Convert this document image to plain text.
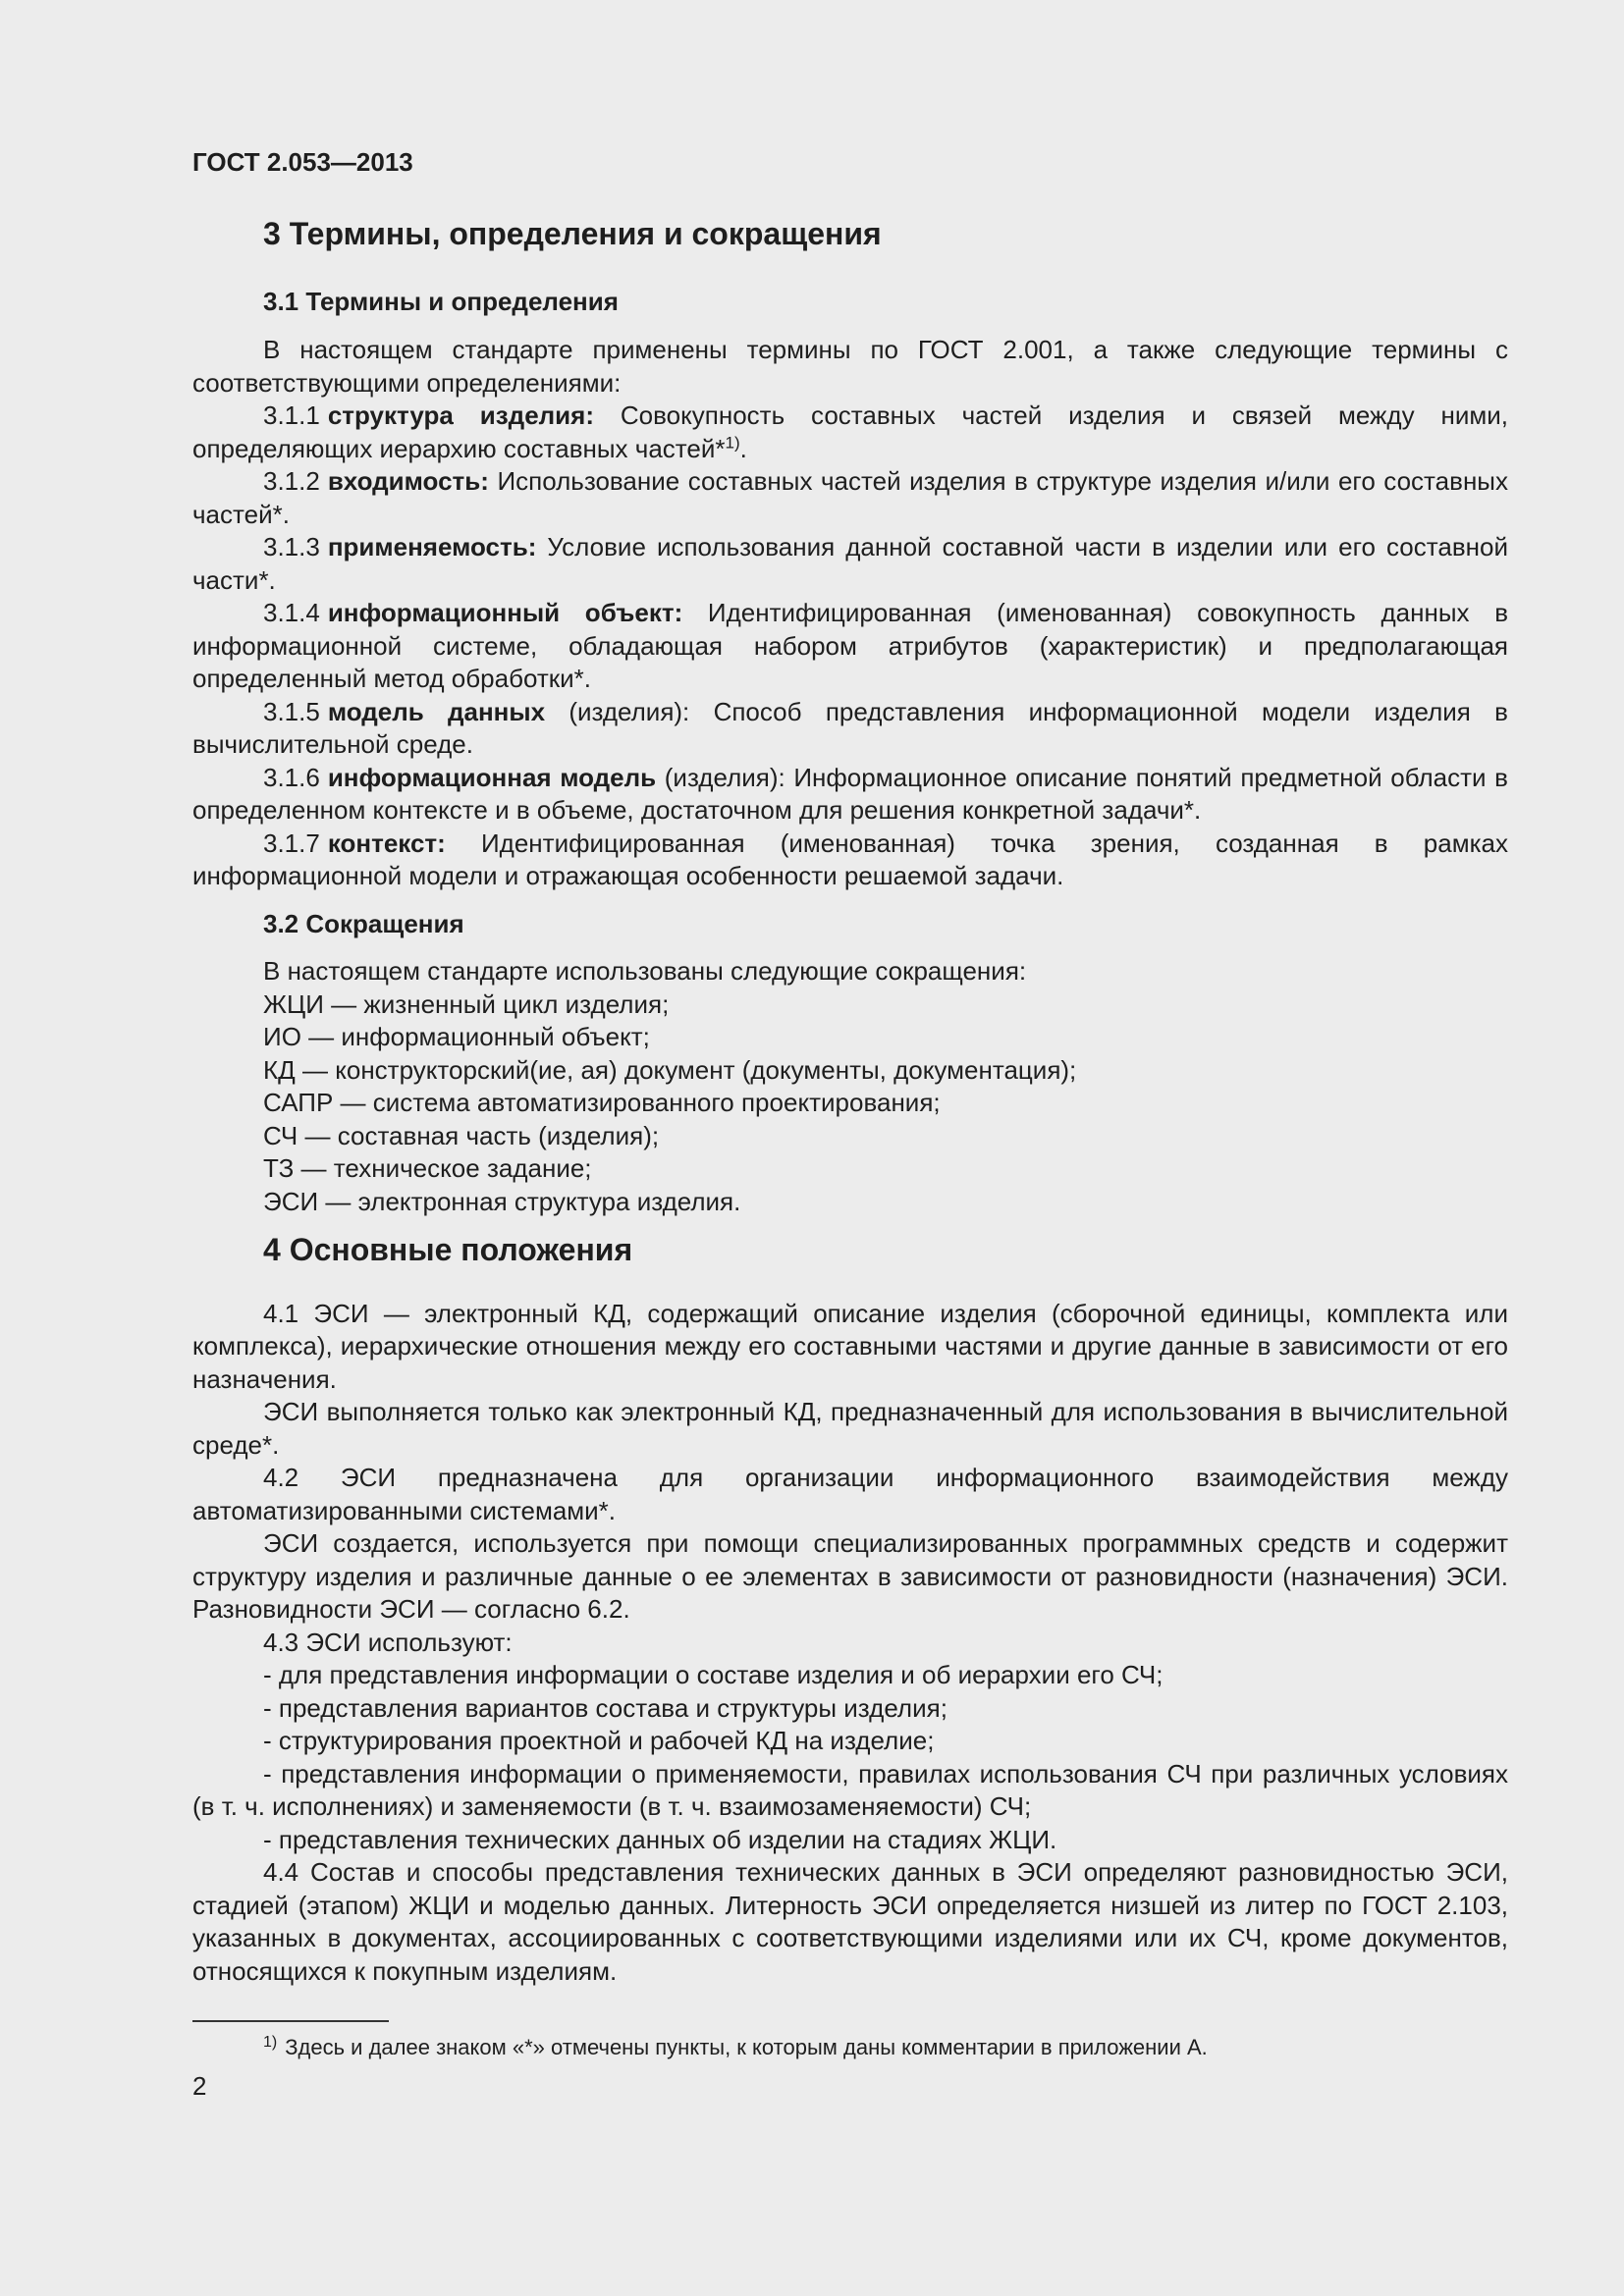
ГОСТ 2.053—2013
3 Термины, определения и сокращения
3.1 Термины и определения
В настоящем стандарте применены термины по ГОСТ 2.001, а также следующие термины с соответствующими определениями:
3.1.1 структура изделия: Совокупность составных частей изделия и связей между ними, определяющих иерархию составных частей*$^{1)}$.
3.1.2 входимость: Использование составных частей изделия в структуре изделия и/или его составных частей*.
3.1.3 применяемость: Условие использования данной составной части в изделии или его составной части*.
3.1.4 информационный объект: Идентифицированная (именованная) совокупность данных в информационной системе, обладающая набором атрибутов (характеристик) и предполагающая определенный метод обработки*.
3.1.5 модель данных (изделия): Способ представления информационной модели изделия в вычислительной среде.
3.1.6 информационная модель (изделия): Информационное описание понятий предметной области в определенном контексте и в объеме, достаточном для решения конкретной задачи*.
3.1.7 контекст: Идентифицированная (именованная) точка зрения, созданная в рамках информационной модели и отражающая особенности решаемой задачи.
3.2 Сокращения
В настоящем стандарте использованы следующие сокращения:
ЖЦИ — жизненный цикл изделия;
ИО — информационный объект;
КД — конструкторский(ие, ая) документ (документы, документация);
САПР — система автоматизированного проектирования;
СЧ — составная часть (изделия);
ТЗ — техническое задание;
ЭСИ — электронная структура изделия.
4 Основные положения
4.1 ЭСИ — электронный КД, содержащий описание изделия (сборочной единицы, комплекта или комплекса), иерархические отношения между его составными частями и другие данные в зависимости от его назначения.
ЭСИ выполняется только как электронный КД, предназначенный для использования в вычислительной среде*.
4.2 ЭСИ предназначена для организации информационного взаимодействия между автоматизированными системами*.
ЭСИ создается, используется при помощи специализированных программных средств и содержит структуру изделия и различные данные о ее элементах в зависимости от разновидности (назначения) ЭСИ. Разновидности ЭСИ — согласно 6.2.
4.3 ЭСИ используют:
- для представления информации о составе изделия и об иерархии его СЧ;
- представления вариантов состава и структуры изделия;
- структурирования проектной и рабочей КД на изделие;
- представления информации о применяемости, правилах использования СЧ при различных условиях (в т. ч. исполнениях) и заменяемости (в т. ч. взаимозаменяемости) СЧ;
- представления технических данных об изделии на стадиях ЖЦИ.
4.4 Состав и способы представления технических данных в ЭСИ определяют разновидностью ЭСИ, стадией (этапом) ЖЦИ и моделью данных. Литерность ЭСИ определяется низшей из литер по ГОСТ 2.103, указанных в документах, ассоциированных с соответствующими изделиями или их СЧ, кроме документов, относящихся к покупным изделиям.
$^{1)}$ Здесь и далее знаком «*» отмечены пункты, к которым даны комментарии в приложении А.
2
